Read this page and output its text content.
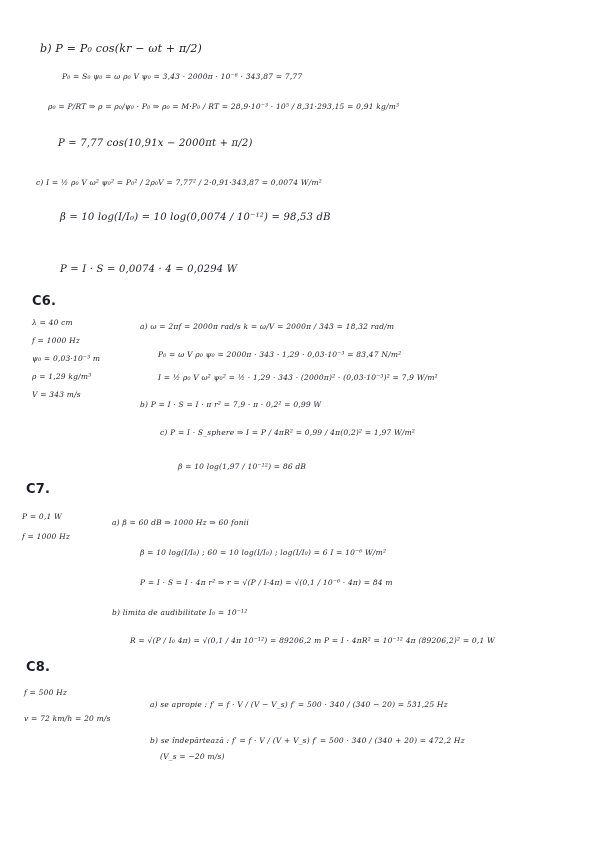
b) P = P₀ cos(kr − ωt + π/2)
P₀ = S₀ ψ₀ = ω ρ₀ V ψ₀ = 3,43 · 2000π · 10⁻⁶ · 343,87 = 7,77
ρ₀ = P/RT ⇒ ρ = ρ₀/ψ₀ · P₀ ⇒ ρ₀ = M·P₀ / RT = 28,9·10⁻³ · 10⁵ / 8,31·293,15 = 0,91 kg/m³
P = 7,77 cos(10,91x − 2000πt + π/2)
c) I = ½ ρ₀ V ω² ψ₀² = P₀² / 2ρ₀V = 7,77² / 2·0,91·343,87 = 0,0074 W/m²
β = 10 log(I/I₀) = 10 log(0,0074 / 10⁻¹²) = 98,53 dB
P = I · S = 0,0074 · 4 = 0,0294 W
C6.
λ = 40 cm
f = 1000 Hz
ψ₀ = 0,03·10⁻³ m
ρ = 1,29 kg/m³
V = 343 m/s
a) ω = 2πf = 2000π rad/s k = ω/V = 2000π / 343 = 18,32 rad/m
P₀ = ω V ρ₀ ψ₀ = 2000π · 343 · 1,29 · 0,03·10⁻³ = 83,47 N/m²
I = ½ ρ₀ V ω² ψ₀² = ½ · 1,29 · 343 · (2000π)² · (0,03·10⁻³)² = 7,9 W/m²
b) P = I · S = I · π r² = 7,9 · π · 0,2² = 0,99 W
c) P = I · S_sphere ⇒ I = P / 4πR² = 0,99 / 4π(0,2)² = 1,97 W/m²
β = 10 log(1,97 / 10⁻¹²) = 86 dB
C7.
P = 0,1 W
f = 1000 Hz
a) β = 60 dB ⇒ 1000 Hz ⇒ 60 fonii
β = 10 log(I/I₀) ; 60 = 10 log(I/I₀) ; log(I/I₀) = 6 I = 10⁻⁶ W/m²
P = I · S = I · 4π r² ⇒ r = √(P / I·4π) = √(0,1 / 10⁻⁶ · 4π) = 84 m
b) limita de audibilitate I₀ = 10⁻¹²
R = √(P / I₀ 4π) = √(0,1 / 4π 10⁻¹²) = 89206,2 m P = I · 4πR² = 10⁻¹² 4π (89206,2)² = 0,1 W
C8.
f = 500 Hz
v = 72 km/h = 20 m/s
a) se apropie : f′ = f · V / (V − V_s) f′ = 500 · 340 / (340 − 20) = 531,25 Hz
b) se îndepărtează : f′ = f · V / (V + V_s) f′ = 500 · 340 / (340 + 20) = 472,2 Hz
(V_s = −20 m/s)
